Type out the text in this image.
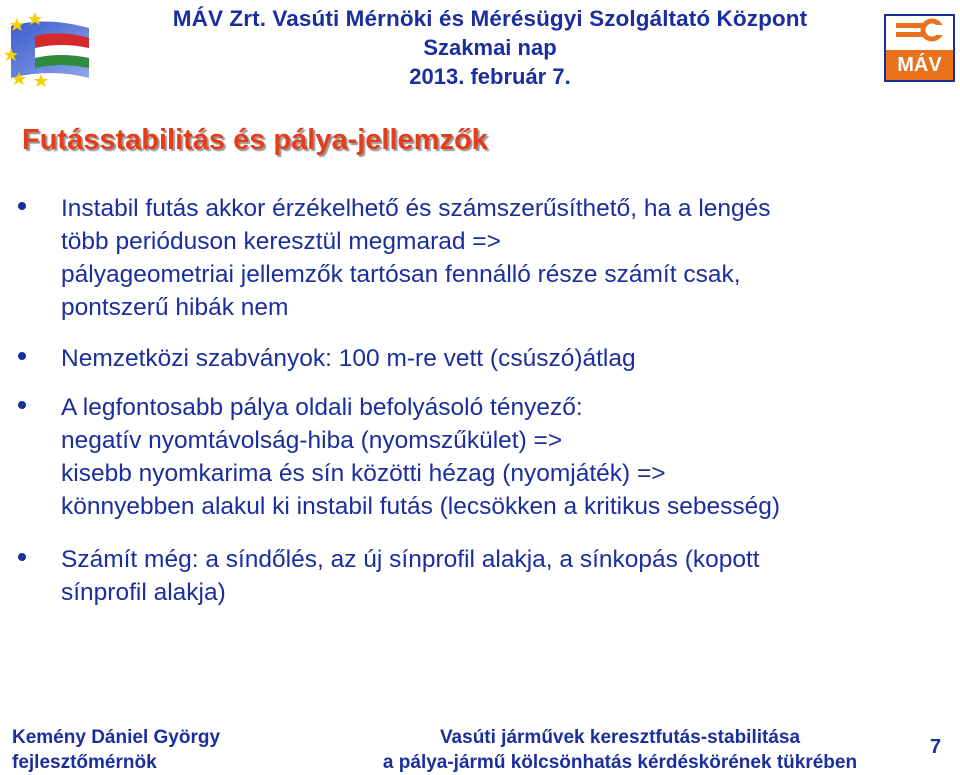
MÁV Zrt. Vasúti Mérnöki és Mérésügyi Szolgáltató Központ
Szakmai nap
2013. február 7.	MÁV
Futásstabilitás és pálya-jellemzők
Instabil futás akkor érzékelhető és számszerűsíthető, ha a lengés
több perióduson keresztül megmarad =>
pályageometriai jellemzők tartósan fennálló része számít csak,
pontszerű hibák nem
Nemzetközi szabványok: 100 m-re vett (csúszó)átlag
A legfontosabb pálya oldali befolyásoló tényező:
negatív nyomtávolság-hiba (nyomszűkület) =>
kisebb nyomkarima és sín közötti hézag (nyomjáték) =>
könnyebben alakul ki instabil futás (lecsökken a kritikus sebesség)
Számít még: a síndőlés, az új sínprofil alakja, a sínkopás (kopott
sínprofil alakja)
Kemény Dániel György
fejlesztőmérnök
Vasúti járművek keresztfutás-stabilitása
a pálya-jármű kölcsönhatás kérdéskörének tükrében
7
